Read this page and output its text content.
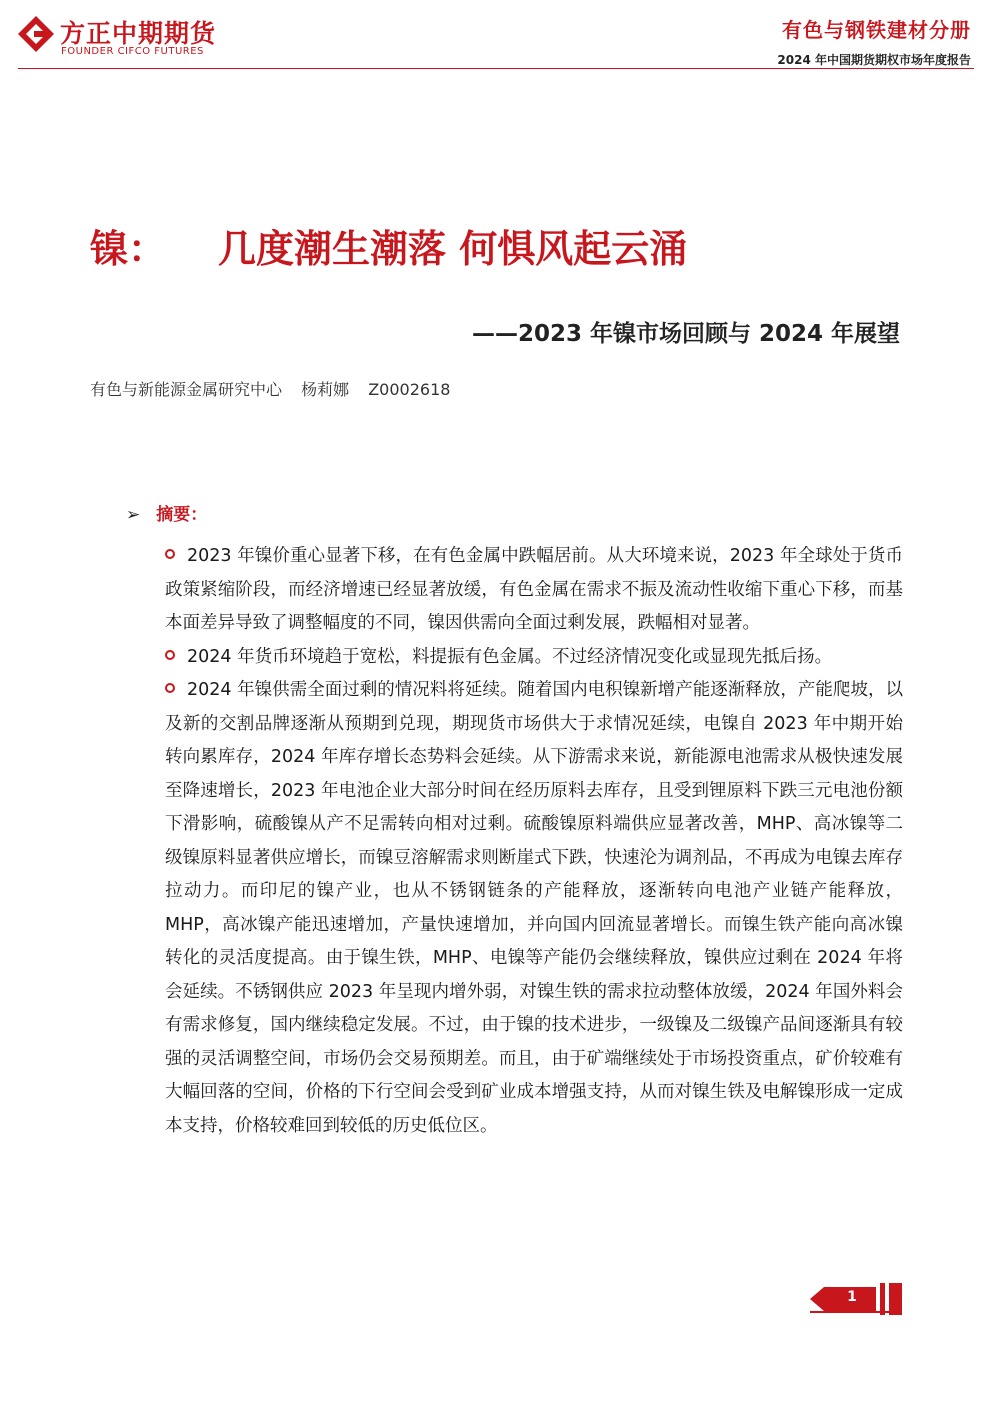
方正中期期货
FOUNDER CIFCO FUTURES
有色与钢铁建材分册
2024 年中国期货期权市场年度报告
镍： 几度潮生潮落 何惧风起云涌
——2023 年镍市场回顾与 2024 年展望
有色与新能源金属研究中心 杨莉娜 Z0002618
➢ 摘要：

2023 年镍价重心显著下移，在有色金属中跌幅居前。从大环境来说，2023 年全球处于货币政策紧缩阶段，而经济增速已经显著放缓，有色金属在需求不振及流动性收缩下重心下移，而基本面差异导致了调整幅度的不同，镍因供需向全面过剩发展，跌幅相对显著。

2024 年货币环境趋于宽松，料提振有色金属。不过经济情况变化或显现先抵后扬。

2024 年镍供需全面过剩的情况料将延续。随着国内电积镍新增产能逐渐释放，产能爬坡，以及新的交割品牌逐渐从预期到兑现，期现货市场供大于求情况延续，电镍自 2023 年中期开始转向累库存，2024 年库存增长态势料会延续。从下游需求来说，新能源电池需求从极快速发展至降速增长，2023 年电池企业大部分时间在经历原料去库存，且受到锂原料下跌三元电池份额下滑影响，硫酸镍从产不足需转向相对过剩。硫酸镍原料端供应显著改善，MHP、高冰镍等二级镍原料显著供应增长，而镍豆溶解需求则断崖式下跌，快速沦为调剂品，不再成为电镍去库存拉动力。而印尼的镍产业，也从不锈钢链条的产能释放，逐渐转向电池产业链产能释放，MHP，高冰镍产能迅速增加，产量快速增加，并向国内回流显著增长。而镍生铁产能向高冰镍转化的灵活度提高。由于镍生铁，MHP、电镍等产能仍会继续释放，镍供应过剩在 2024 年将会延续。不锈钢供应 2023 年呈现内增外弱，对镍生铁的需求拉动整体放缓，2024 年国外料会有需求修复，国内继续稳定发展。不过，由于镍的技术进步，一级镍及二级镍产品间逐渐具有较强的灵活调整空间，市场仍会交易预期差。而且，由于矿端继续处于市场投资重点，矿价较难有大幅回落的空间，价格的下行空间会受到矿业成本增强支持，从而对镍生铁及电解镍形成一定成本支持，价格较难回到较低的历史低位区。

1
